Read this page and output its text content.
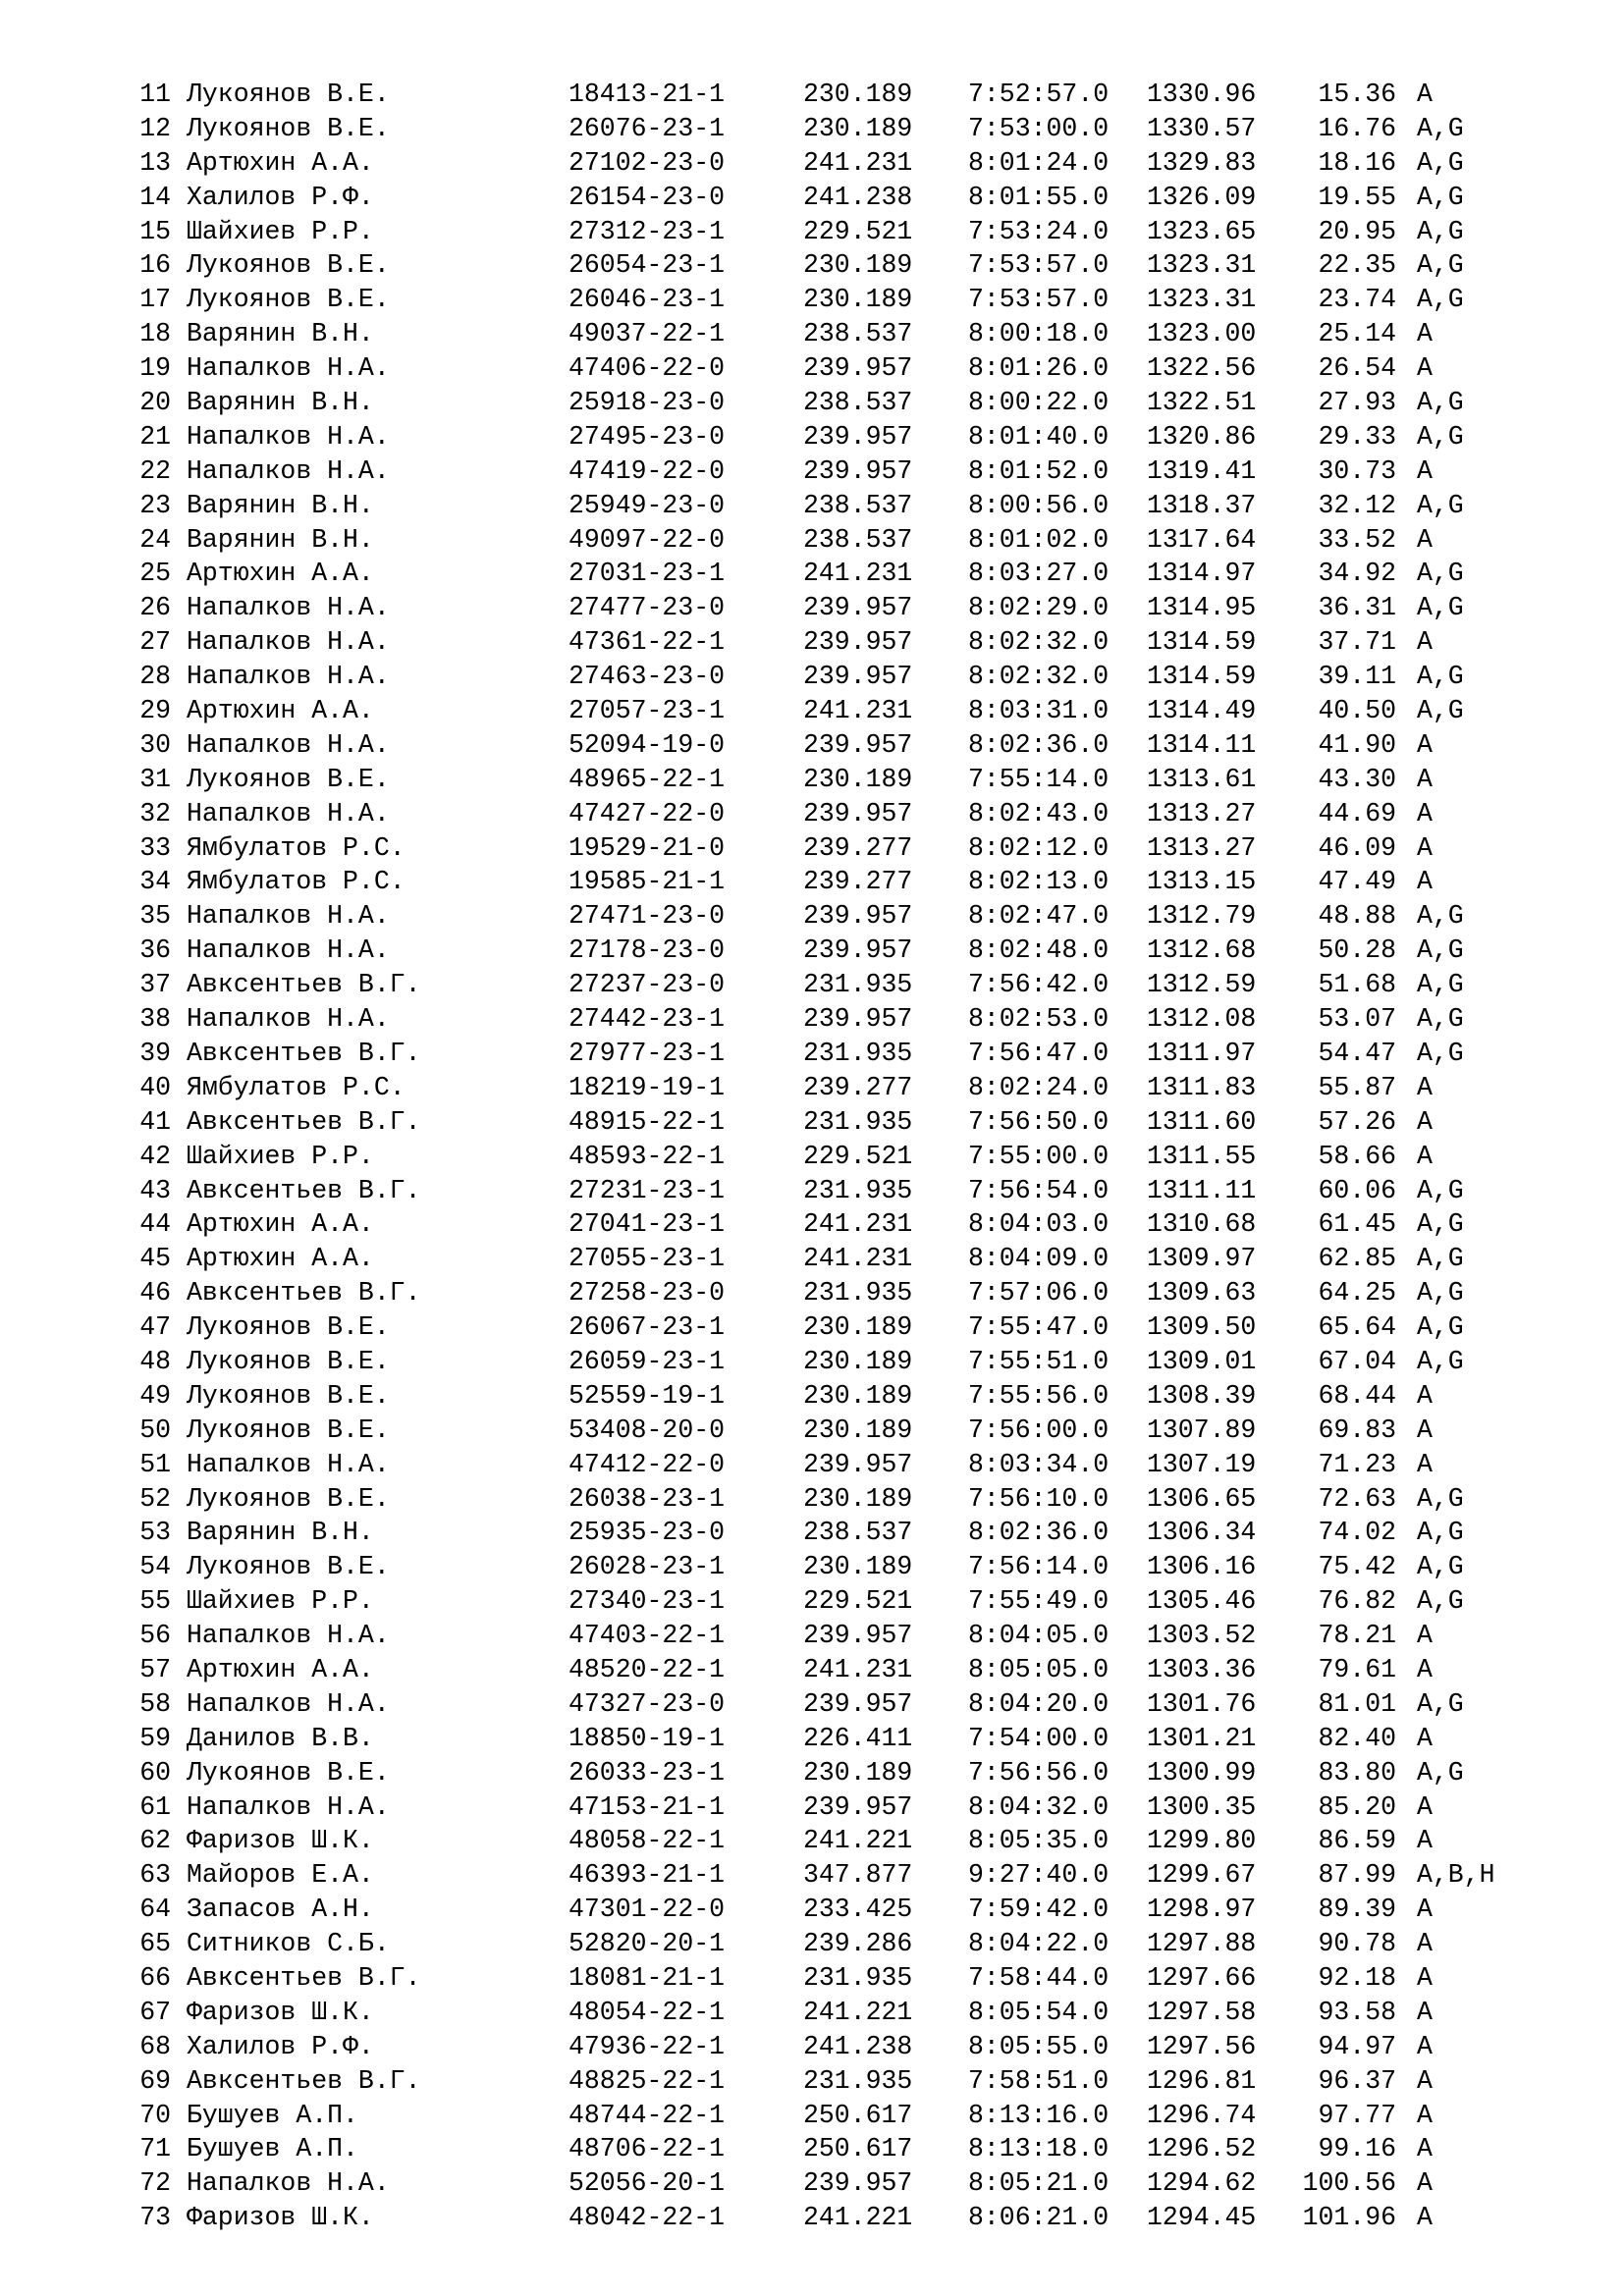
11 Лукоянов В.Е.	18413-21-1	230.189 7:52:57.0 1330.96	15.36 A
12 Лукоянов В.Е.	26076-23-1	230.189 7:53:00.0 1330.57	16.76 A,G
13 Артюхин А.А.	27102-23-0	241.231 8:01:24.0 1329.83	18.16 A,G
14 Халилов Р.Ф.	26154-23-0	241.238 8:01:55.0 1326.09	19.55 A,G
15 Шайхиев Р.Р.	27312-23-1	229.521 7:53:24.0 1323.65	20.95 A,G
16 Лукоянов В.Е.	26054-23-1	230.189 7:53:57.0 1323.31	22.35 A,G
17 Лукоянов В.Е.	26046-23-1	230.189 7:53:57.0 1323.31	23.74 A,G
18 Варянин В.Н.	49037-22-1	238.537 8:00:18.0 1323.00	25.14 A
19 Напалков Н.А.	47406-22-0	239.957 8:01:26.0 1322.56	26.54 A
20 Варянин В.Н.	25918-23-0	238.537 8:00:22.0 1322.51	27.93 A,G
21 Напалков Н.А.	27495-23-0	239.957 8:01:40.0 1320.86	29.33 A,G
22 Напалков Н.А.	47419-22-0	239.957 8:01:52.0 1319.41	30.73 A
23 Варянин В.Н.	25949-23-0	238.537 8:00:56.0 1318.37	32.12 A,G
24 Варянин В.Н.	49097-22-0	238.537 8:01:02.0 1317.64	33.52 A
25 Артюхин А.А.	27031-23-1	241.231 8:03:27.0 1314.97	34.92 A,G
26 Напалков Н.А.	27477-23-0	239.957 8:02:29.0 1314.95	36.31 A,G
27 Напалков Н.А.	47361-22-1	239.957 8:02:32.0 1314.59	37.71 A
28 Напалков Н.А.	27463-23-0	239.957 8:02:32.0 1314.59	39.11 A,G
29 Артюхин А.А.	27057-23-1	241.231 8:03:31.0 1314.49	40.50 A,G
30 Напалков Н.А.	52094-19-0	239.957 8:02:36.0 1314.11	41.90 A
31 Лукоянов В.Е.	48965-22-1	230.189 7:55:14.0 1313.61	43.30 A
32 Напалков Н.А.	47427-22-0	239.957 8:02:43.0 1313.27	44.69 A
33 Ямбулатов Р.С.	19529-21-0	239.277 8:02:12.0 1313.27	46.09 A
34 Ямбулатов Р.С.	19585-21-1	239.277 8:02:13.0 1313.15	47.49 A
35 Напалков Н.А.	27471-23-0	239.957 8:02:47.0 1312.79	48.88 A,G
36 Напалков Н.А.	27178-23-0	239.957 8:02:48.0 1312.68	50.28 A,G
37 Авксентьев В.Г.	27237-23-0	231.935 7:56:42.0 1312.59	51.68 A,G
38 Напалков Н.А.	27442-23-1	239.957 8:02:53.0 1312.08	53.07 A,G
39 Авксентьев В.Г.	27977-23-1	231.935 7:56:47.0 1311.97	54.47 A,G
40 Ямбулатов Р.С.	18219-19-1	239.277 8:02:24.0 1311.83	55.87 A
41 Авксентьев В.Г.	48915-22-1	231.935 7:56:50.0 1311.60	57.26 A
42 Шайхиев Р.Р.	48593-22-1	229.521 7:55:00.0 1311.55	58.66 A
43 Авксентьев В.Г.	27231-23-1	231.935 7:56:54.0 1311.11	60.06 A,G
44 Артюхин А.А.	27041-23-1	241.231 8:04:03.0 1310.68	61.45 A,G
45 Артюхин А.А.	27055-23-1	241.231 8:04:09.0 1309.97	62.85 A,G
46 Авксентьев В.Г.	27258-23-0	231.935 7:57:06.0 1309.63	64.25 A,G
47 Лукоянов В.Е.	26067-23-1	230.189 7:55:47.0 1309.50	65.64 A,G
48 Лукоянов В.Е.	26059-23-1	230.189 7:55:51.0 1309.01	67.04 A,G
49 Лукоянов В.Е.	52559-19-1	230.189 7:55:56.0 1308.39	68.44 A
50 Лукоянов В.Е.	53408-20-0	230.189 7:56:00.0 1307.89	69.83 A
51 Напалков Н.А.	47412-22-0	239.957 8:03:34.0 1307.19	71.23 A
52 Лукоянов В.Е.	26038-23-1	230.189 7:56:10.0 1306.65	72.63 A,G
53 Варянин В.Н.	25935-23-0	238.537 8:02:36.0 1306.34	74.02 A,G
54 Лукоянов В.Е.	26028-23-1	230.189 7:56:14.0 1306.16	75.42 A,G
55 Шайхиев Р.Р.	27340-23-1	229.521 7:55:49.0 1305.46	76.82 A,G
56 Напалков Н.А.	47403-22-1	239.957 8:04:05.0 1303.52	78.21 A
57 Артюхин А.А.	48520-22-1	241.231 8:05:05.0 1303.36	79.61 A
58 Напалков Н.А.	47327-23-0	239.957 8:04:20.0 1301.76	81.01 A,G
59 Данилов В.В.	18850-19-1	226.411 7:54:00.0 1301.21	82.40 A
60 Лукоянов В.Е.	26033-23-1	230.189 7:56:56.0 1300.99	83.80 A,G
61 Напалков Н.А.	47153-21-1	239.957 8:04:32.0 1300.35	85.20 A
62 Фаризов Ш.К.	48058-22-1	241.221 8:05:35.0 1299.80	86.59 A
63 Майоров Е.А.	46393-21-1	347.877 9:27:40.0 1299.67	87.99 A,B,H
64 Запасов А.Н.	47301-22-0	233.425 7:59:42.0 1298.97	89.39 A
65 Ситников С.Б.	52820-20-1	239.286 8:04:22.0 1297.88	90.78 A
66 Авксентьев В.Г.	18081-21-1	231.935 7:58:44.0 1297.66	92.18 A
67 Фаризов Ш.К.	48054-22-1	241.221 8:05:54.0 1297.58	93.58 A
68 Халилов Р.Ф.	47936-22-1	241.238 8:05:55.0 1297.56	94.97 A
69 Авксентьев В.Г.	48825-22-1	231.935 7:58:51.0 1296.81	96.37 A
70 Бушуев А.П.	48744-22-1	250.617 8:13:16.0 1296.74	97.77 A
71 Бушуев А.П.	48706-22-1	250.617 8:13:18.0 1296.52	99.16 A
72 Напалков Н.А.	52056-20-1	239.957 8:05:21.0 1294.62	100.56 A
73 Фаризов Ш.К.	48042-22-1	241.221 8:06:21.0 1294.45	101.96 A
